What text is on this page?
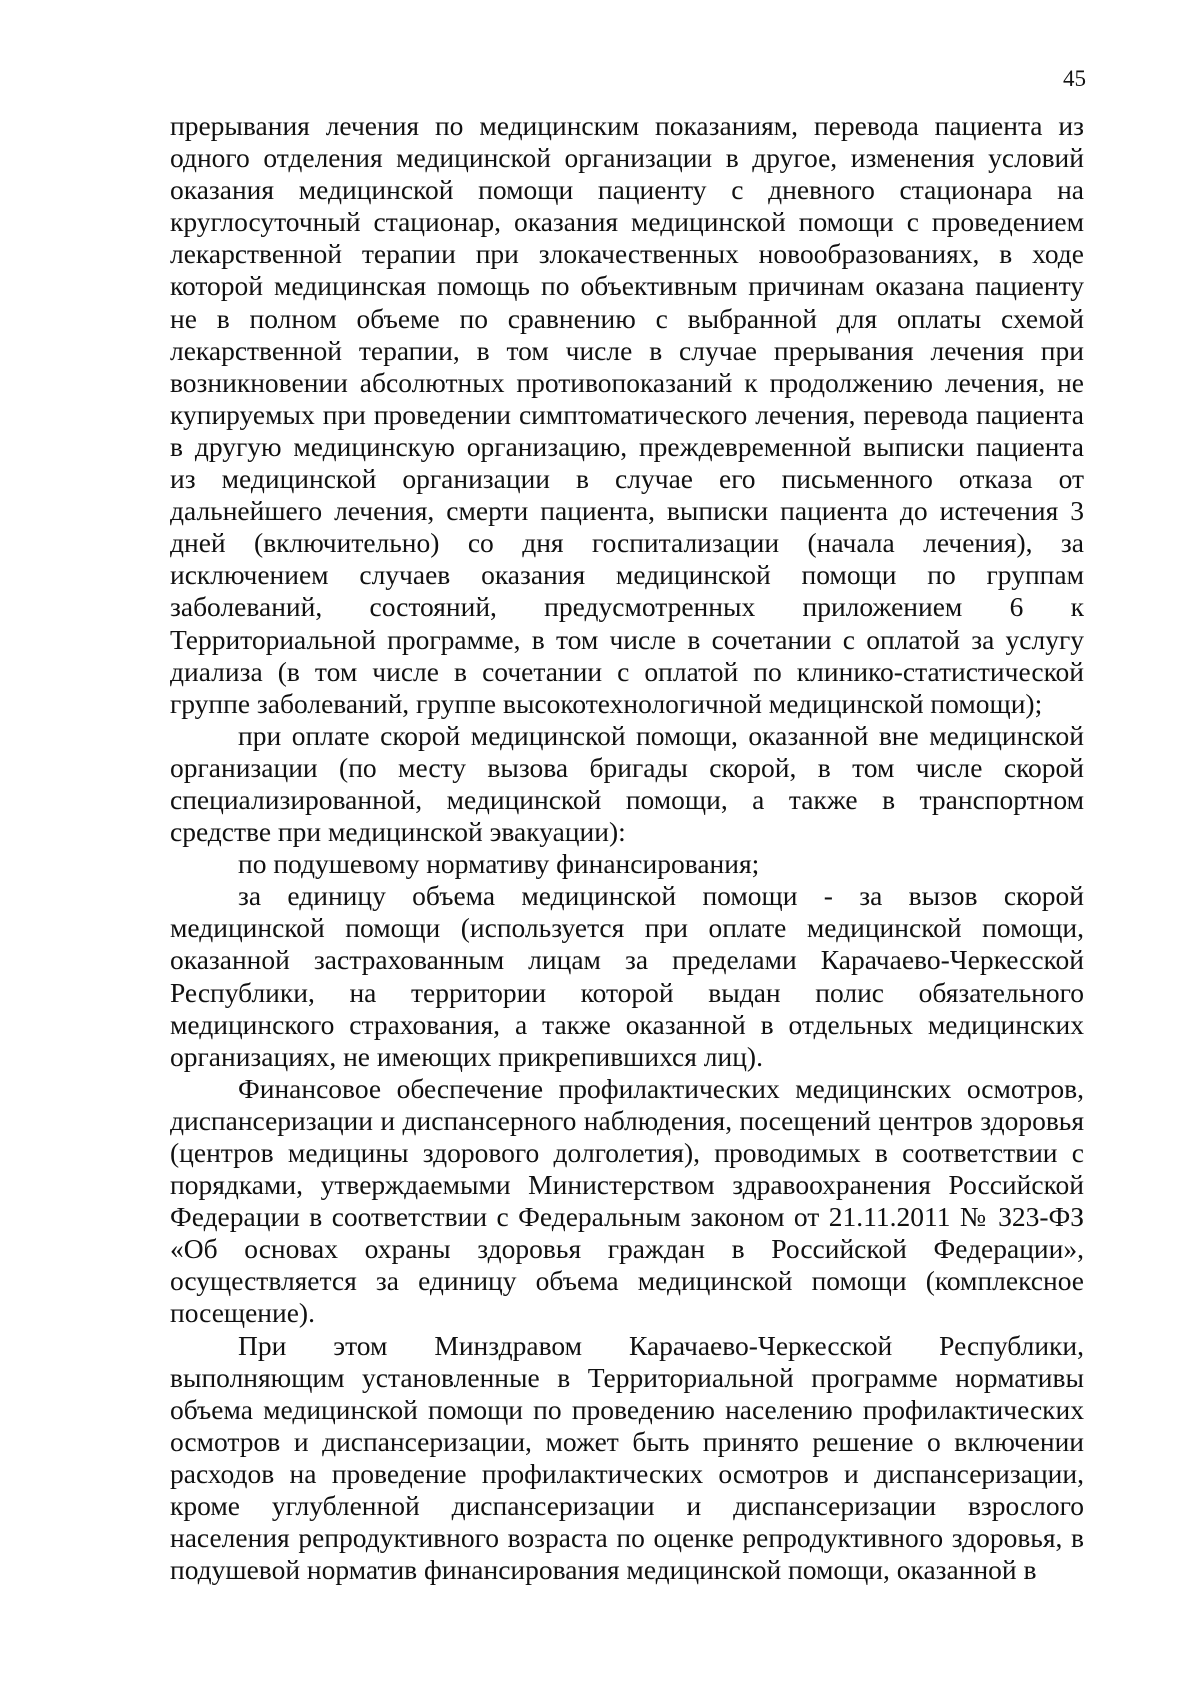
45

прерывания лечения по медицинским показаниям, перевода пациента из одного отделения медицинской организации в другое, изменения условий оказания медицинской помощи пациенту с дневного стационара на круглосуточный стационар, оказания медицинской помощи с проведением лекарственной терапии при злокачественных новообразованиях, в ходе которой медицинская помощь по объективным причинам оказана пациенту не в полном объеме по сравнению с выбранной для оплаты схемой лекарственной терапии, в том числе в случае прерывания лечения при возникновении абсолютных противопоказаний к продолжению лечения, не купируемых при проведении симптоматического лечения, перевода пациента в другую медицинскую организацию, преждевременной выписки пациента из медицинской организации в случае его письменного отказа от дальнейшего лечения, смерти пациента, выписки пациента до истечения 3 дней (включительно) со дня госпитализации (начала лечения), за исключением случаев оказания медицинской помощи по группам заболеваний, состояний, предусмотренных приложением 6 к Территориальной программе, в том числе в сочетании с оплатой за услугу диализа (в том числе в сочетании с оплатой по клинико-статистической группе заболеваний, группе высокотехнологичной медицинской помощи);

при оплате скорой медицинской помощи, оказанной вне медицинской организации (по месту вызова бригады скорой, в том числе скорой специализированной, медицинской помощи, а также в транспортном средстве при медицинской эвакуации):

по подушевому нормативу финансирования;

за единицу объема медицинской помощи - за вызов скорой медицинской помощи (используется при оплате медицинской помощи, оказанной застрахованным лицам за пределами Карачаево-Черкесской Республики, на территории которой выдан полис обязательного медицинского страхования, а также оказанной в отдельных медицинских организациях, не имеющих прикрепившихся лиц).

Финансовое обеспечение профилактических медицинских осмотров, диспансеризации и диспансерного наблюдения, посещений центров здоровья (центров медицины здорового долголетия), проводимых в соответствии с порядками, утверждаемыми Министерством здравоохранения Российской Федерации в соответствии с Федеральным законом от 21.11.2011 № 323-ФЗ «Об основах охраны здоровья граждан в Российской Федерации», осуществляется за единицу объема медицинской помощи (комплексное посещение).

При этом Минздравом Карачаево-Черкесской Республики, выполняющим установленные в Территориальной программе нормативы объема медицинской помощи по проведению населению профилактических осмотров и диспансеризации, может быть принято решение о включении расходов на проведение профилактических осмотров и диспансеризации, кроме углубленной диспансеризации и диспансеризации взрослого населения репродуктивного возраста по оценке репродуктивного здоровья, в подушевой норматив финансирования медицинской помощи, оказанной в
